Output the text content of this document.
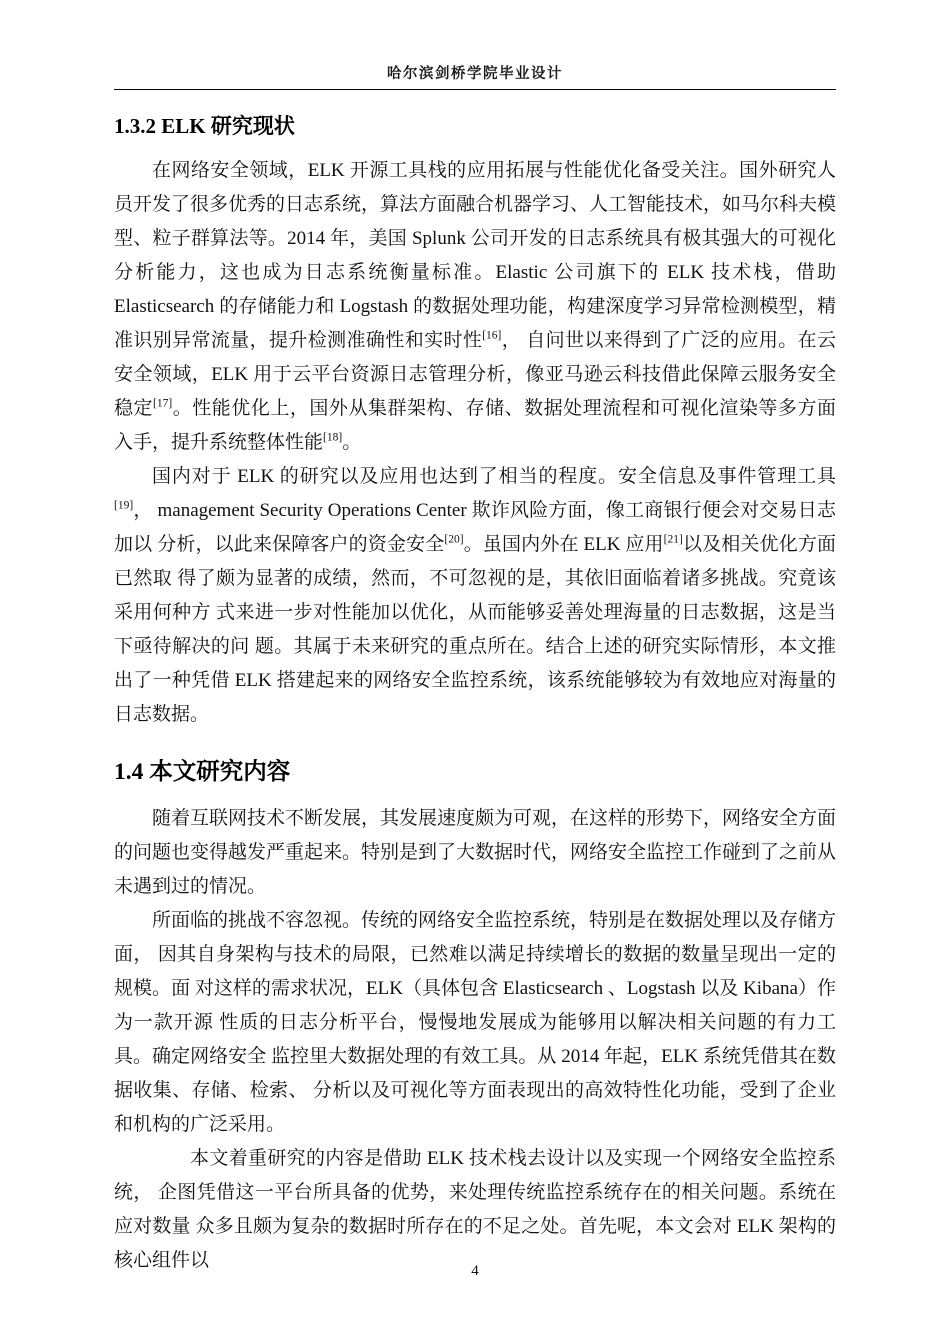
哈尔滨剑桥学院毕业设计
1.3.2 ELK 研究现状

在网络安全领域，ELK 开源工具栈的应用拓展与性能优化备受关注。国外研究人员开发了很多优秀的日志系统，算法方面融合机器学习、人工智能技术，如马尔科夫模型、粒子群算法等。2014 年，美国 Splunk 公司开发的日志系统具有极其强大的可视化分析能力，这也成为日志系统衡量标准。Elastic 公司旗下的 ELK 技术栈，借助 Elasticsearch 的存储能力和 Logstash 的数据处理功能，构建深度学习异常检测模型，精准识别异常流量，提升检测准确性和实时性[16]， 自问世以来得到了广泛的应用。在云安全领域，ELK 用于云平台资源日志管理分析，像亚马逊云科技借此保障云服务安全稳定[17]。性能优化上，国外从集群架构、存储、数据处理流程和可视化渲染等多方面入手，提升系统整体性能[18]。

国内对于 ELK 的研究以及应用也达到了相当的程度。安全信息及事件管理工具[19]， management Security Operations Center 欺诈风险方面，像工商银行便会对交易日志加以 分析，以此来保障客户的资金安全[20]。虽国内外在 ELK 应用[21]以及相关优化方面已然取 得了颇为显著的成绩，然而，不可忽视的是，其依旧面临着诸多挑战。究竟该采用何种方 式来进一步对性能加以优化，从而能够妥善处理海量的日志数据，这是当下亟待解决的问 题。其属于未来研究的重点所在。结合上述的研究实际情形，本文推出了一种凭借 ELK 搭建起来的网络安全监控系统，该系统能够较为有效地应对海量的日志数据。

1.4 本文研究内容

随着互联网技术不断发展，其发展速度颇为可观，在这样的形势下，网络安全方面的问题也变得越发严重起来。特别是到了大数据时代，网络安全监控工作碰到了之前从未遇到过的情况。

所面临的挑战不容忽视。传统的网络安全监控系统，特别是在数据处理以及存储方面， 因其自身架构与技术的局限，已然难以满足持续增长的数据的数量呈现出一定的规模。面 对这样的需求状况，ELK（具体包含 Elasticsearch 、Logstash 以及 Kibana）作为一款开源 性质的日志分析平台，慢慢地发展成为能够用以解决相关问题的有力工具。确定网络安全 监控里大数据处理的有效工具。从 2014 年起，ELK 系统凭借其在数据收集、存储、检索、 分析以及可视化等方面表现出的高效特性化功能，受到了企业和机构的广泛采用。

本文着重研究的内容是借助 ELK 技术栈去设计以及实现一个网络安全监控系统， 企图凭借这一平台所具备的优势，来处理传统监控系统存在的相关问题。系统在应对数量 众多且颇为复杂的数据时所存在的不足之处。首先呢，本文会对 ELK 架构的核心组件以	4
